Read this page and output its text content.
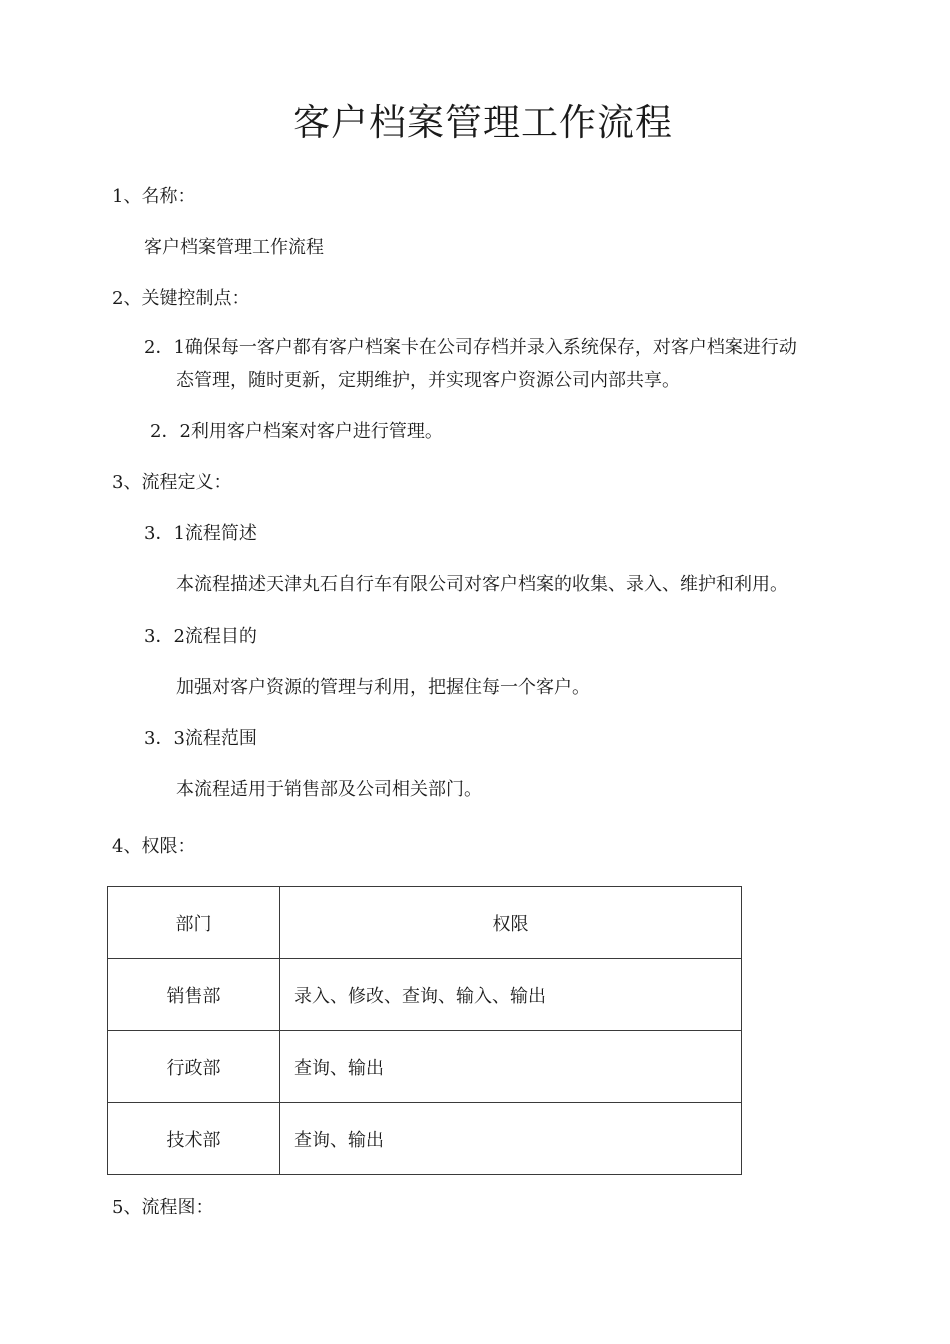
客户档案管理工作流程

1、名称：

客户档案管理工作流程

2、关键控制点：

2．1确保每一客户都有客户档案卡在公司存档并录入系统保存，对客户档案进行动

态管理，随时更新，定期维护，并实现客户资源公司内部共享。

2．2利用客户档案对客户进行管理。

3、流程定义：

3．1流程简述

本流程描述天津丸石自行车有限公司对客户档案的收集、录入、维护和利用。

3．2流程目的

加强对客户资源的管理与利用，把握住每一个客户。

3．3流程范围

本流程适用于销售部及公司相关部门。

4、权限：

部门	权限
销售部	录入、修改、查询、输入、输出
行政部	查询、输出
技术部	查询、输出

5、流程图：
